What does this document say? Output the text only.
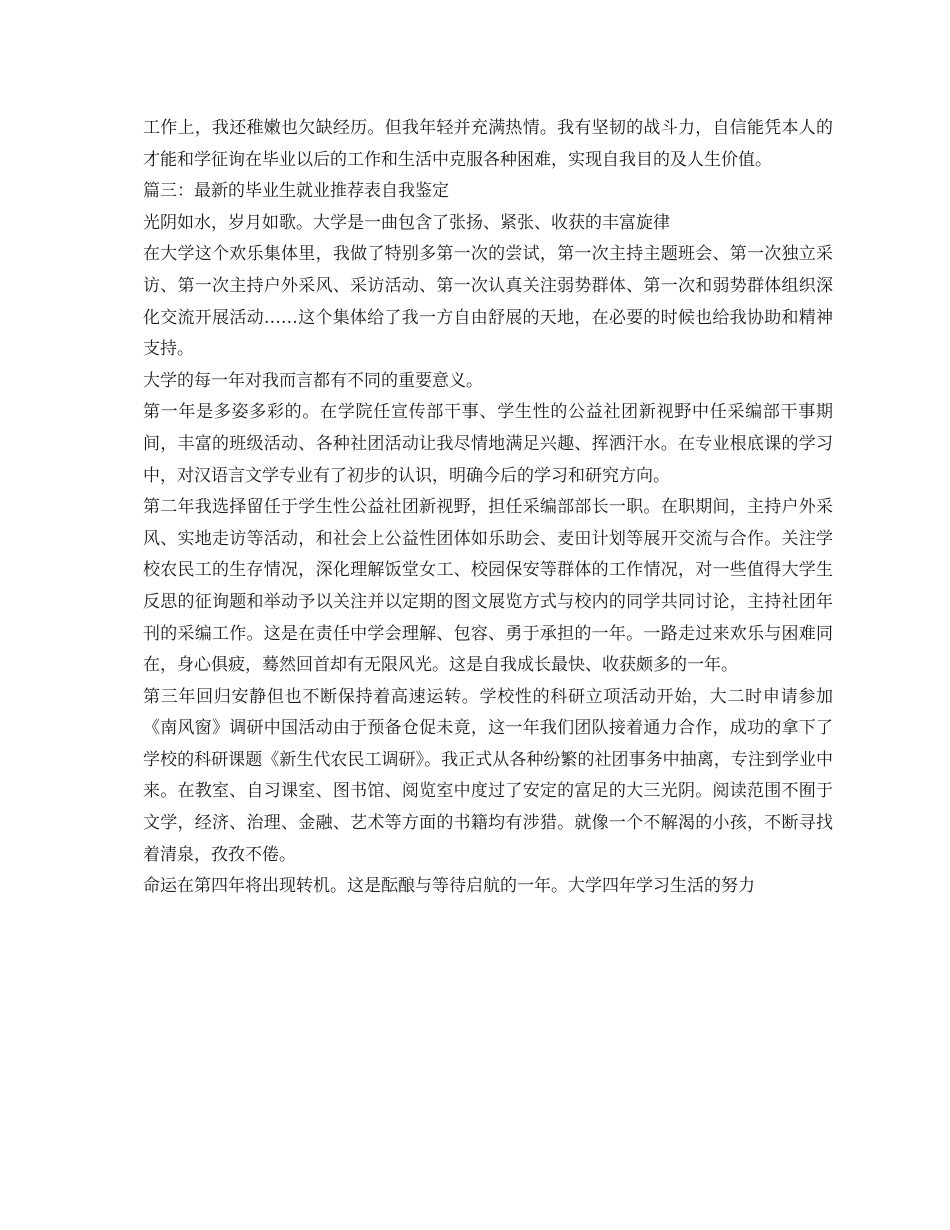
工作上，我还稚嫩也欠缺经历。但我年轻并充满热情。我有坚韧的战斗力，自信能凭本人的才能和学征询在毕业以后的工作和生活中克服各种困难，实现自我目的及人生价值。

篇三：最新的毕业生就业推荐表自我鉴定

光阴如水，岁月如歌。大学是一曲包含了张扬、紧张、收获的丰富旋律

在大学这个欢乐集体里，我做了特别多第一次的尝试，第一次主持主题班会、第一次独立采访、第一次主持户外采风、采访活动、第一次认真关注弱势群体、第一次和弱势群体组织深化交流开展活动……这个集体给了我一方自由舒展的天地，在必要的时候也给我协助和精神支持。

大学的每一年对我而言都有不同的重要意义。

第一年是多姿多彩的。在学院任宣传部干事、学生性的公益社团新视野中任采编部干事期间，丰富的班级活动、各种社团活动让我尽情地满足兴趣、挥洒汗水。在专业根底课的学习中，对汉语言文学专业有了初步的认识，明确今后的学习和研究方向。

第二年我选择留任于学生性公益社团新视野，担任采编部部长一职。在职期间，主持户外采风、实地走访等活动，和社会上公益性团体如乐助会、麦田计划等展开交流与合作。关注学校农民工的生存情况，深化理解饭堂女工、校园保安等群体的工作情况，对一些值得大学生反思的征询题和举动予以关注并以定期的图文展览方式与校内的同学共同讨论，主持社团年刊的采编工作。这是在责任中学会理解、包容、勇于承担的一年。一路走过来欢乐与困难同在，身心俱疲，蓦然回首却有无限风光。这是自我成长最快、收获颇多的一年。

第三年回归安静但也不断保持着高速运转。学校性的科研立项活动开始，大二时申请参加《南风窗》调研中国活动由于预备仓促未竟，这一年我们团队接着通力合作，成功的拿下了学校的科研课题《新生代农民工调研》。我正式从各种纷繁的社团事务中抽离，专注到学业中来。在教室、自习课室、图书馆、阅览室中度过了安定的富足的大三光阴。阅读范围不囿于文学，经济、治理、金融、艺术等方面的书籍均有涉猎。就像一个不解渴的小孩，不断寻找着清泉，孜孜不倦。

命运在第四年将出现转机。这是酝酿与等待启航的一年。大学四年学习生活的努力
